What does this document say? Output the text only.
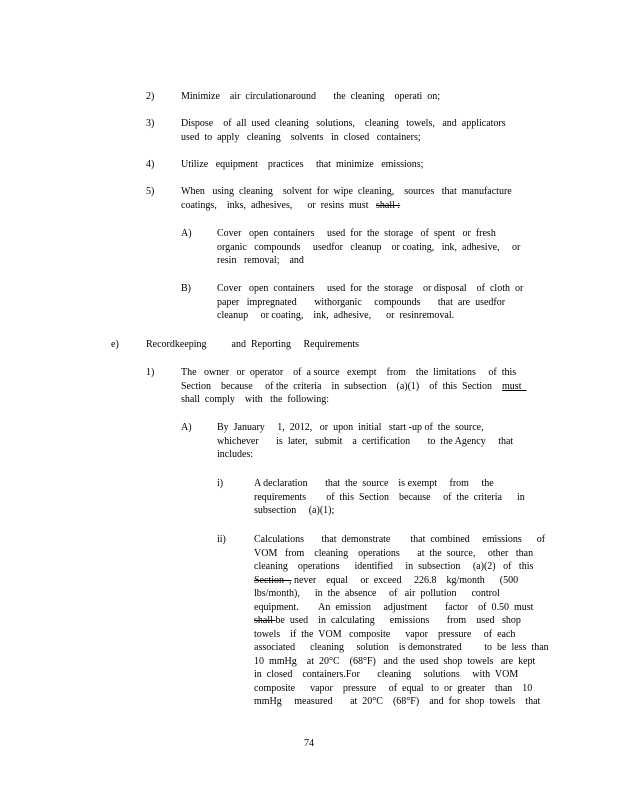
2)	Minimize    air  circulationaround       the  cleaning    operati  on;
3)	Dispose    of  all  used  cleaning   solutions,    cleaning   towels,   and  applicators
used  to  apply   cleaning    solvents   in  closed   containers;
4)	Utilize   equipment    practices     that  minimize   emissions;
5)	When   using  cleaning    solvent  for  wipe  cleaning,    sources   that  manufacture
coatings,    inks,  adhesives,      or  resins  must   shall :
A)	Cover   open  containers     used  for  the  storage   of  spent   or  fresh
organic   compounds     usedfor   cleanup    or coating,   ink,  adhesive,     or
resin   removal;    and
B)	Cover   open  containers     used  for  the  storage    or disposal    of  cloth  or
paper   impregnated       withorganic     compounds       that  are  usedfor
cleanup     or coating,    ink,  adhesive,      or  resinremoval.
e)	Recordkeeping          and  Reporting     Requirements
1)	The   owner   or  operator    of  a source   exempt    from    the  limitations     of  this
Section    because     of the  criteria    in  subsection    (a)(1)    of  this  Section    must
shall  comply    with   the  following:
A)	By  January     1,  2012,   or  upon  initial   start -up of  the  source,
whichever       is  later,   submit    a  certification       to  the Agency     that
includes:
i)	A declaration       that  the  source    is exempt     from     the
requirements        of  this  Section    because     of  the  criteria      in
subsection     (a)(1);
ii)	Calculations       that  demonstrate        that  combined     emissions      of
VOM   from    cleaning    operations       at  the  source,     other   than
cleaning    operations      identified     in  subsection     (a)(2)   of   this
Section  , never    equal     or  exceed     226.8    kg/month      (500
lbs/month),      in  the  absence     of   air  pollution      control
equipment.        An  emission     adjustment       factor    of  0.50  must
shall be  used    in  calculating      emissions       from    used   shop
towels    if  the  VOM   composite      vapor    pressure     of  each
associated      cleaning     solution    is demonstrated         to  be  less  than
10  mmHg    at  20°C    (68°F)   and  the  used  shop  towels   are  kept
in  closed    containers.For       cleaning     solutions     with  VOM
composite      vapor    pressure     of  equal   to  or  greater    than    10
mmHg     measured       at  20°C    (68°F)    and  for  shop  towels    that
74
